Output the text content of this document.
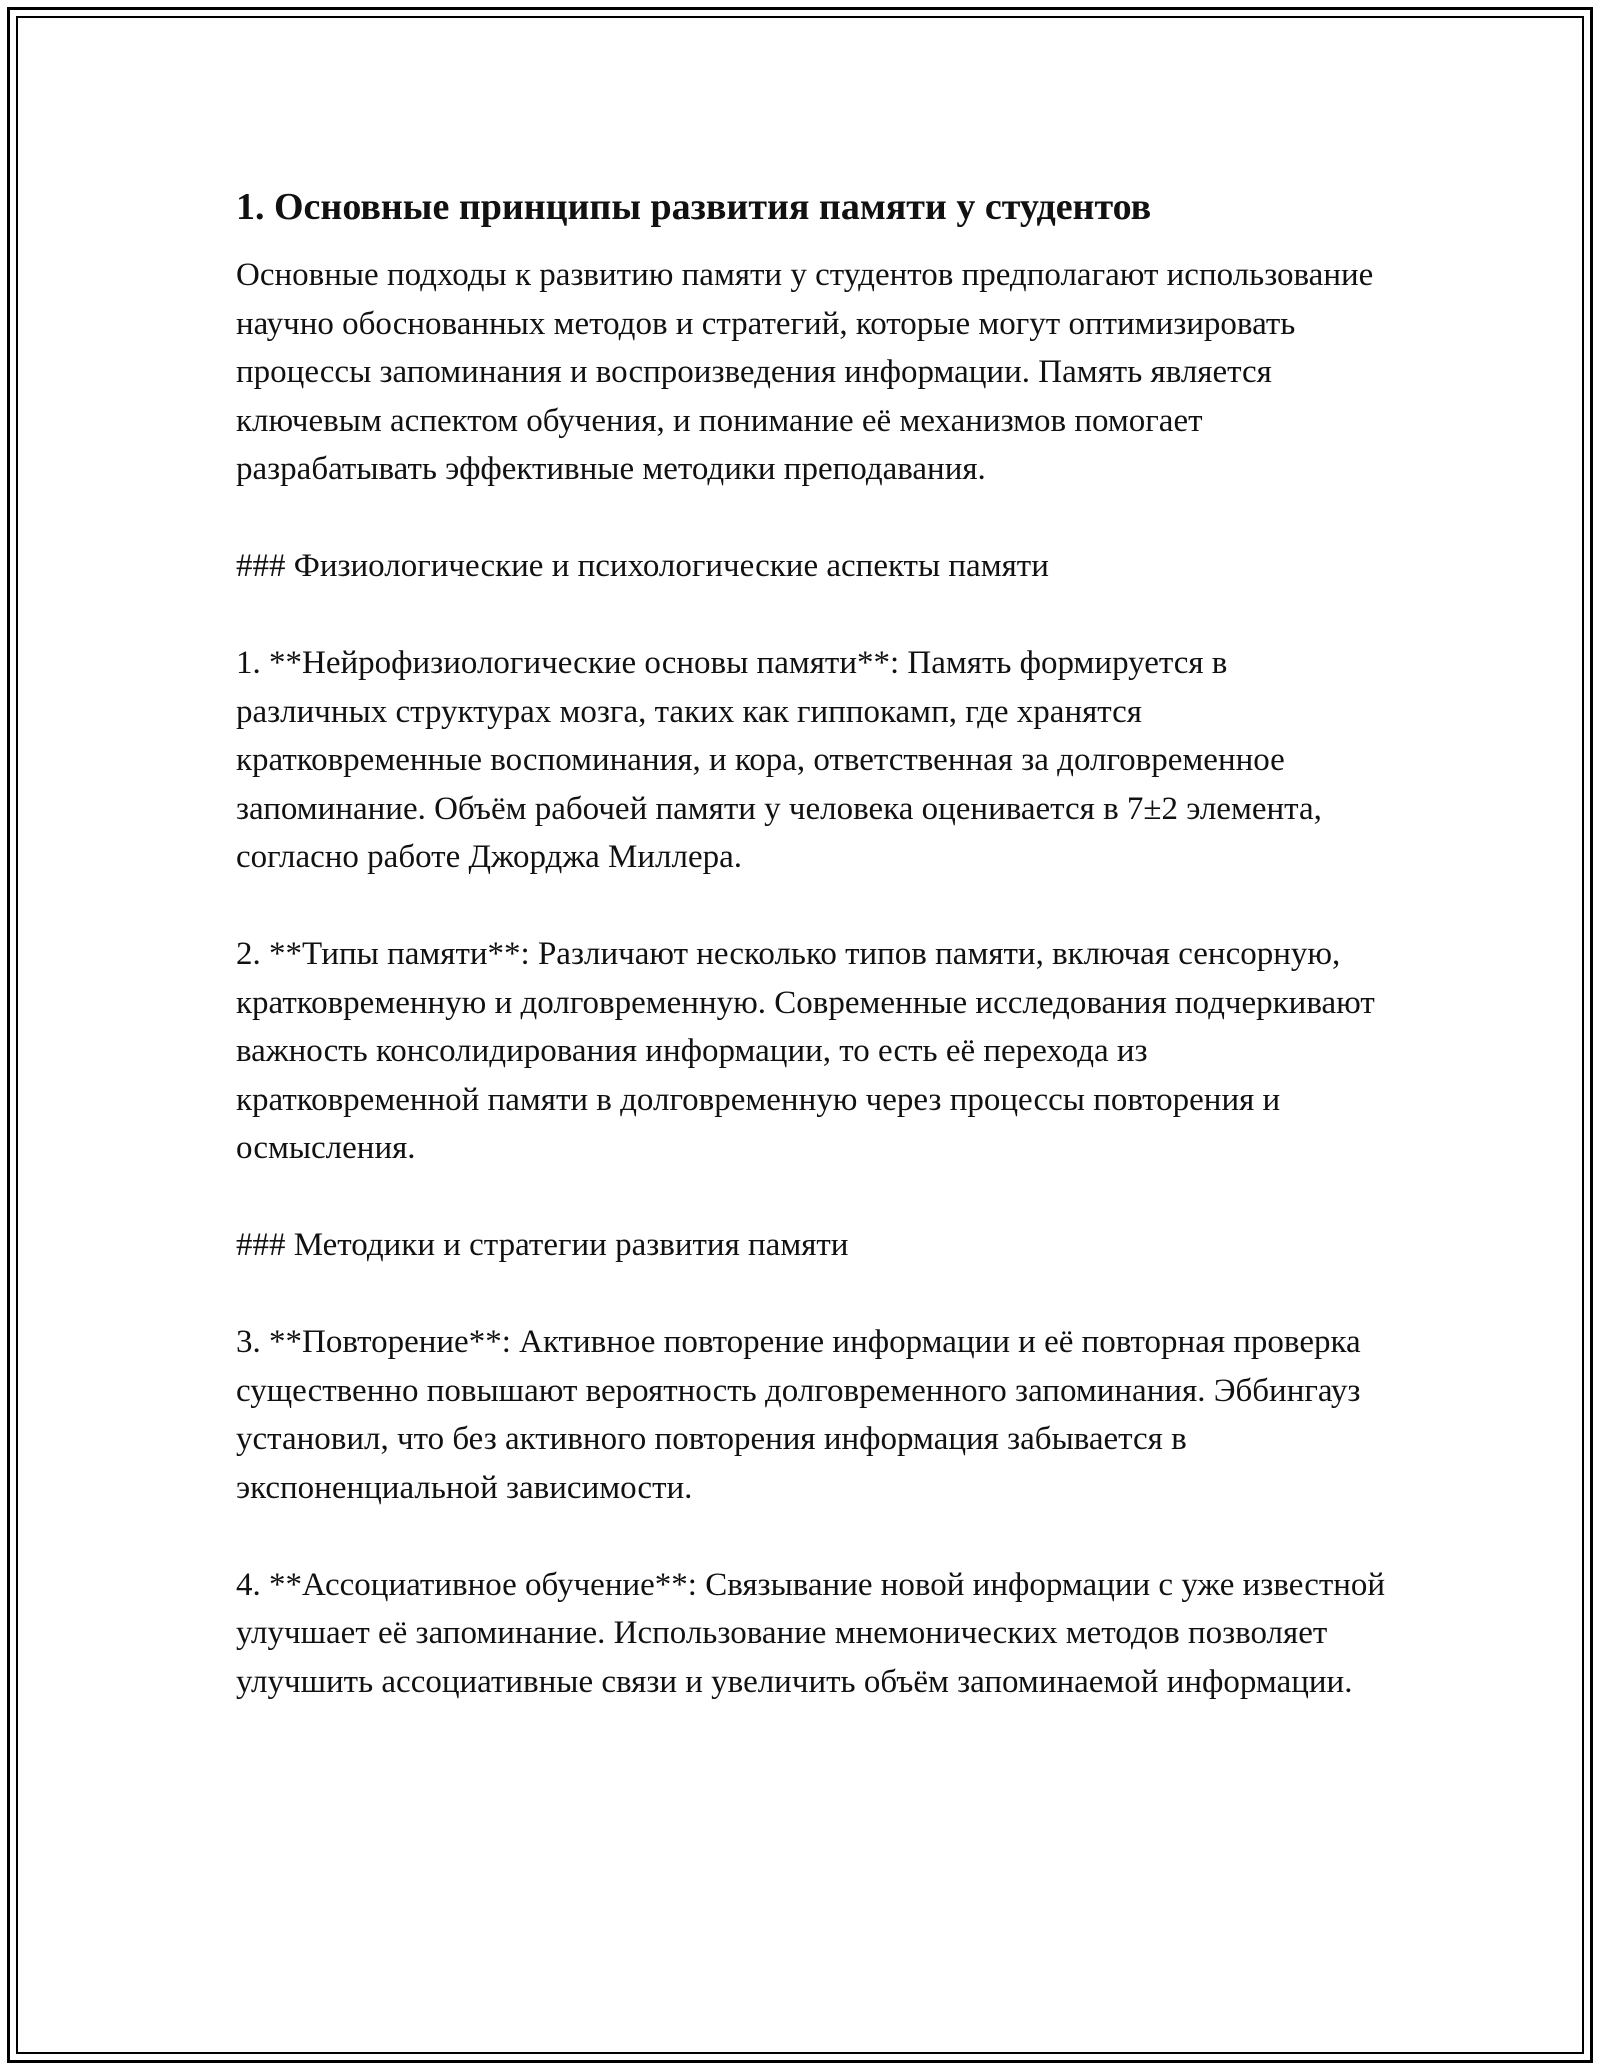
1. Основные принципы развития памяти у студентов

Основные подходы к развитию памяти у студентов предполагают использование научно обоснованных методов и стратегий, которые могут оптимизировать процессы запоминания и воспроизведения информации. Память является ключевым аспектом обучения, и понимание её механизмов помогает разрабатывать эффективные методики преподавания.

### Физиологические и психологические аспекты памяти

1. **Нейрофизиологические основы памяти**: Память формируется в различных структурах мозга, таких как гиппокамп, где хранятся кратковременные воспоминания, и кора, ответственная за долговременное запоминание. Объём рабочей памяти у человека оценивается в 7±2 элемента, согласно работе Джорджа Миллера.

2. **Типы памяти**: Различают несколько типов памяти, включая сенсорную, кратковременную и долговременную. Современные исследования подчеркивают важность консолидирования информации, то есть её перехода из кратковременной памяти в долговременную через процессы повторения и осмысления.

### Методики и стратегии развития памяти

3. **Повторение**: Активное повторение информации и её повторная проверка существенно повышают вероятность долговременного запоминания. Эббингауз установил, что без активного повторения информация забывается в экспоненциальной зависимости.

4. **Ассоциативное обучение**: Связывание новой информации с уже известной улучшает её запоминание. Использование мнемонических методов позволяет улучшить ассоциативные связи и увеличить объём запоминаемой информации.
